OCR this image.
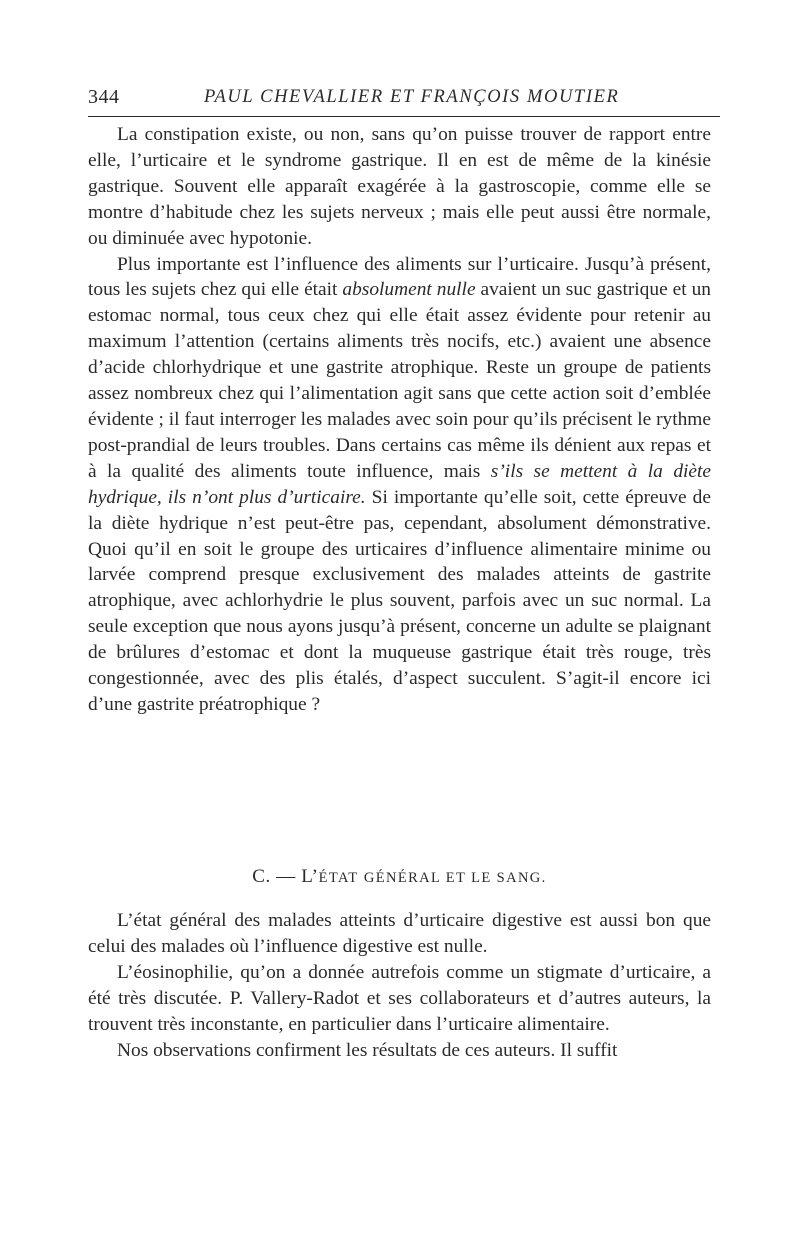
344	PAUL CHEVALLIER ET FRANÇOIS MOUTIER

La constipation existe, ou non, sans qu’on puisse trouver de rapport entre elle, l’urticaire et le syndrome gastrique. Il en est de même de la kinésie gastrique. Souvent elle apparaît exagérée à la gastroscopie, comme elle se montre d’habitude chez les sujets nerveux ; mais elle peut aussi être normale, ou diminuée avec hypotonie.

Plus importante est l’influence des aliments sur l’urticaire. Jusqu’à présent, tous les sujets chez qui elle était absolument nulle avaient un suc gastrique et un estomac normal, tous ceux chez qui elle était assez évidente pour retenir au maximum l’attention (certains aliments très nocifs, etc.) avaient une absence d’acide chlorhydrique et une gastrite atrophique. Reste un groupe de patients assez nombreux chez qui l’alimentation agit sans que cette action soit d’emblée évidente ; il faut interroger les malades avec soin pour qu’ils précisent le rythme post-prandial de leurs troubles. Dans certains cas même ils dénient aux repas et à la qualité des aliments toute influence, mais s’ils se mettent à la diète hydrique, ils n’ont plus d’urticaire. Si importante qu’elle soit, cette épreuve de la diète hydrique n’est peut-être pas, cependant, absolument démonstrative. Quoi qu’il en soit le groupe des urticaires d’influence alimentaire minime ou larvée comprend presque exclusivement des malades atteints de gastrite atrophique, avec achlorhydrie le plus souvent, parfois avec un suc normal. La seule exception que nous ayons jusqu’à présent, concerne un adulte se plaignant de brûlures d’estomac et dont la muqueuse gastrique était très rouge, très congestionnée, avec des plis étalés, d’aspect succulent. S’agit-il encore ici d’une gastrite préatrophique ?

C. — L’ÉTAT GÉNÉRAL ET LE SANG.

L’état général des malades atteints d’urticaire digestive est aussi bon que celui des malades où l’influence digestive est nulle.

L’éosinophilie, qu’on a donnée autrefois comme un stigmate d’urticaire, a été très discutée. P. Vallery-Radot et ses collaborateurs et d’autres auteurs, la trouvent très inconstante, en particulier dans l’urticaire alimentaire.

Nos observations confirment les résultats de ces auteurs. Il suffit
